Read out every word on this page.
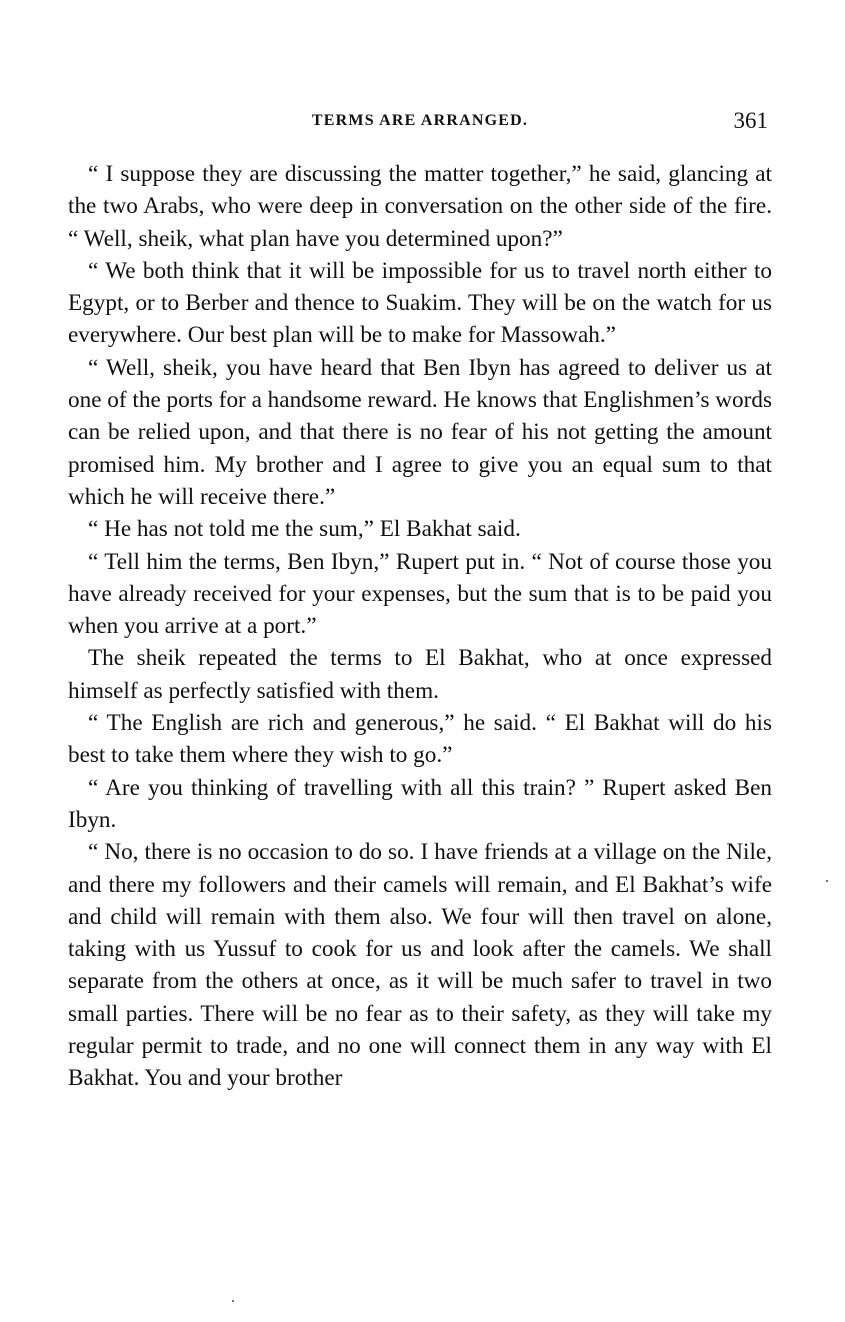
TERMS ARE ARRANGED.	361

“ I suppose they are discussing the matter together,” he said, glancing at the two Arabs, who were deep in conversation on the other side of the fire. “ Well, sheik, what plan have you determined upon?”

“ We both think that it will be impossible for us to travel north either to Egypt, or to Berber and thence to Suakim. They will be on the watch for us everywhere. Our best plan will be to make for Massowah.”

“ Well, sheik, you have heard that Ben Ibyn has agreed to deliver us at one of the ports for a handsome reward. He knows that Englishmen’s words can be relied upon, and that there is no fear of his not getting the amount promised him. My brother and I agree to give you an equal sum to that which he will receive there.”

“ He has not told me the sum,” El Bakhat said.

“ Tell him the terms, Ben Ibyn,” Rupert put in. “ Not of course those you have already received for your expenses, but the sum that is to be paid you when you arrive at a port.”

The sheik repeated the terms to El Bakhat, who at once expressed himself as perfectly satisfied with them.

“ The English are rich and generous,” he said. “ El Bakhat will do his best to take them where they wish to go.”

“ Are you thinking of travelling with all this train? ” Rupert asked Ben Ibyn.

“ No, there is no occasion to do so. I have friends at a village on the Nile, and there my followers and their camels will remain, and El Bakhat’s wife and child will remain with them also. We four will then travel on alone, taking with us Yussuf to cook for us and look after the camels. We shall separate from the others at once, as it will be much safer to travel in two small parties. There will be no fear as to their safety, as they will take my regular permit to trade, and no one will connect them in any way with El Bakhat. You and your brother
